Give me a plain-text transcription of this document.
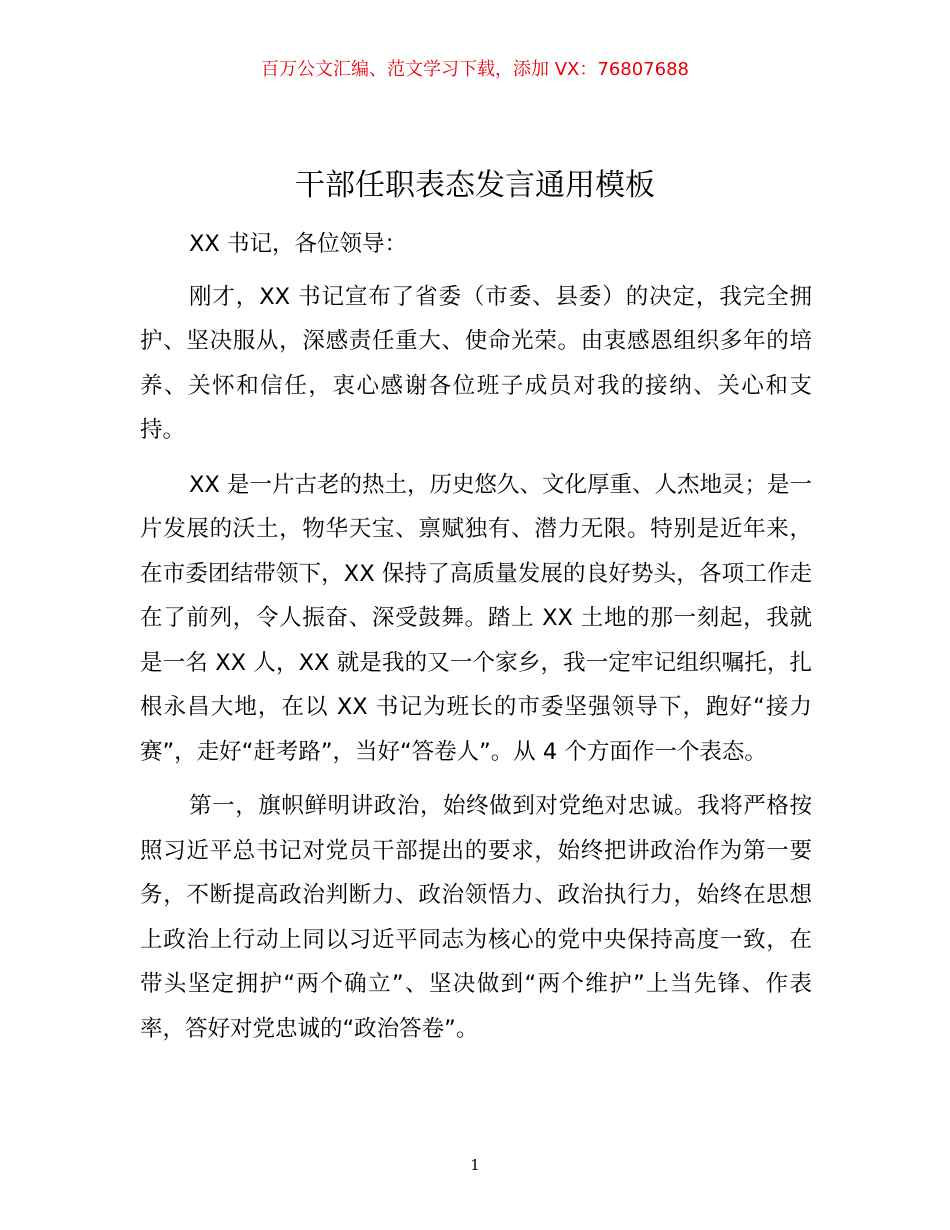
百万公文汇编、范文学习下载，添加 VX：76807688
干部任职表态发言通用模板

XX 书记，各位领导：

刚才，XX 书记宣布了省委（市委、县委）的决定，我完全拥护、坚决服从，深感责任重大、使命光荣。由衷感恩组织多年的培养、关怀和信任，衷心感谢各位班子成员对我的接纳、关心和支持。

XX 是一片古老的热土，历史悠久、文化厚重、人杰地灵；是一片发展的沃土，物华天宝、禀赋独有、潜力无限。特别是近年来，在市委团结带领下，XX 保持了高质量发展的良好势头，各项工作走在了前列，令人振奋、深受鼓舞。踏上 XX 土地的那一刻起，我就是一名 XX 人，XX 就是我的又一个家乡，我一定牢记组织嘱托，扎根永昌大地，在以 XX 书记为班长的市委坚强领导下，跑好“接力赛”，走好“赶考路”，当好“答卷人”。从 4 个方面作一个表态。

第一，旗帜鲜明讲政治，始终做到对党绝对忠诚。我将严格按照习近平总书记对党员干部提出的要求，始终把讲政治作为第一要务，不断提高政治判断力、政治领悟力、政治执行力，始终在思想上政治上行动上同以习近平同志为核心的党中央保持高度一致，在带头坚定拥护“两个确立”、坚决做到“两个维护”上当先锋、作表率，答好对党忠诚的“政治答卷”。

1
